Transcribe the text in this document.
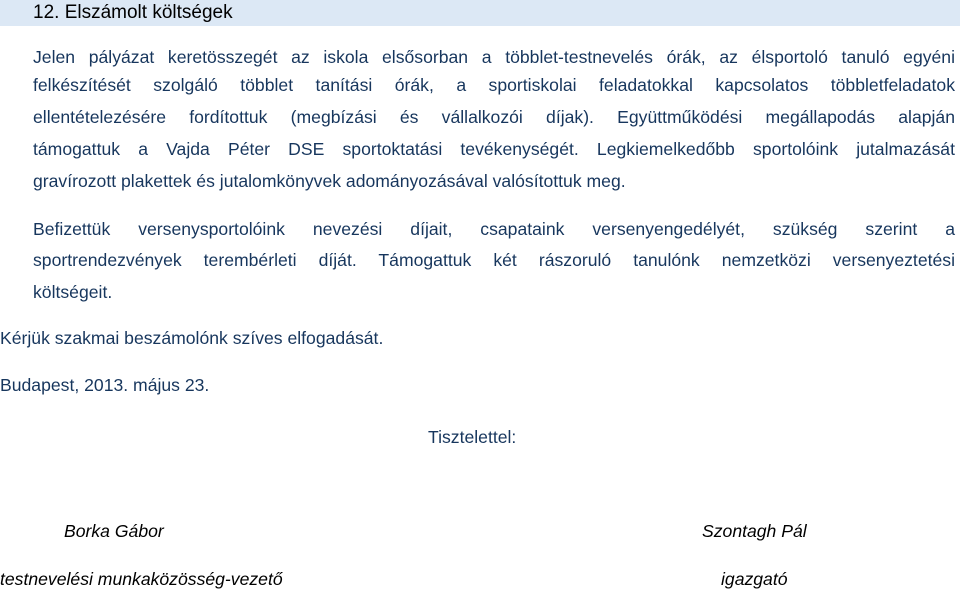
12. Elszámolt költségek
Jelen pályázat keretösszegét az iskola elsősorban a többlet-testnevelés órák, az élsportoló tanuló egyéni
felkészítését szolgáló többlet tanítási órák, a sportiskolai feladatokkal kapcsolatos többletfeladatok
ellentételezésére fordítottuk (megbízási és vállalkozói díjak). Együttműködési megállapodás alapján
támogattuk a Vajda Péter DSE sportoktatási tevékenységét. Legkiemelkedőbb sportolóink jutalmazását
gravírozott plakettek és jutalomkönyvek adományozásával valósítottuk meg.
Befizettük versenysportolóink nevezési díjait, csapataink versenyengedélyét, szükség szerint a
sportrendezvények terembérleti díját. Támogattuk két rászoruló tanulónk nemzetközi versenyeztetési
költségeit.
Kérjük szakmai beszámolónk szíves elfogadását.
Budapest, 2013. május 23.
Tisztelettel:
Borka Gábor	Szontagh Pál
testnevelési munkaközösség-vezető	igazgató
